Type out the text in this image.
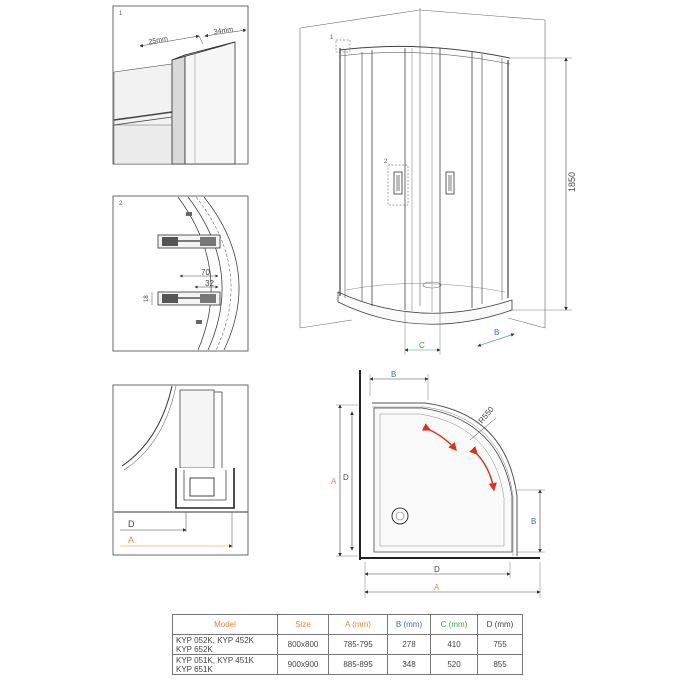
1
25mm
34mm
2
70
32
18
D
A
1
2
1850
C
B
B
R550
A D
B
D
A
Model	Size	A (mm)	B (mm)	C (mm)	D (mm)
KYP 052K, KYP 452K
KYP 652K	800x800	785-795	278	410	755
KYP 051K, KYP 451K
KYP 651K	900x900	885-895	348	520	855
